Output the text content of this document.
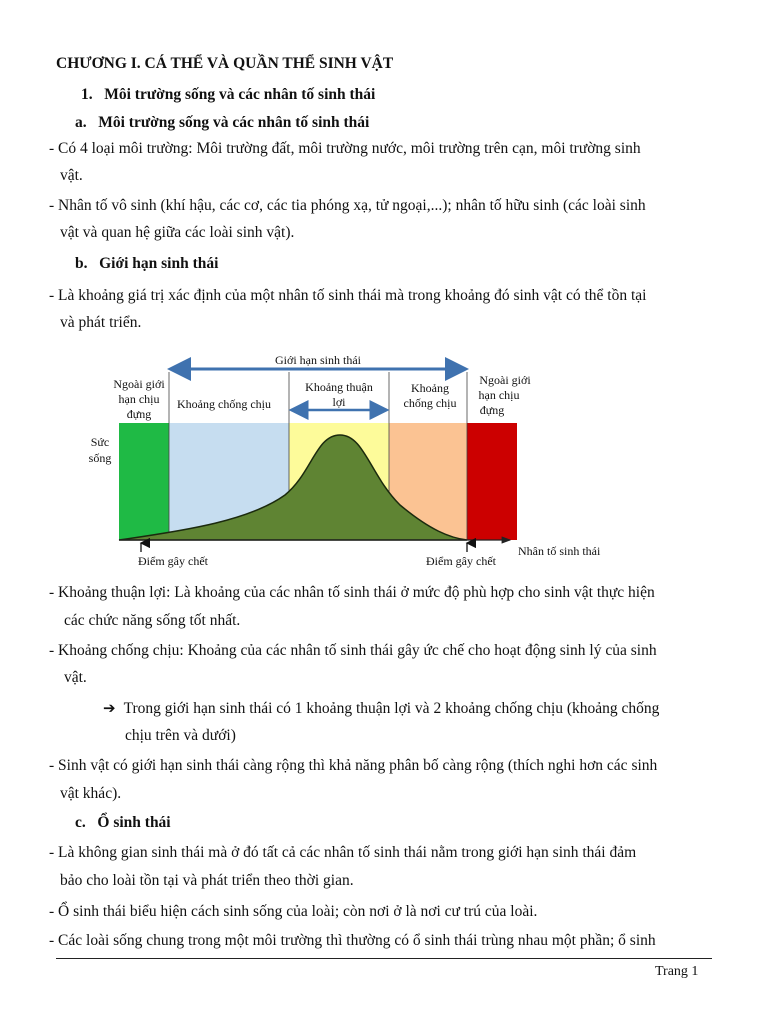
CHƯƠNG I. CÁ THỂ VÀ QUẦN THỂ SINH VẬT
1. Môi trường sống và các nhân tố sinh thái
a. Môi trường sống và các nhân tố sinh thái
- Có 4 loại môi trường: Môi trường đất, môi trường nước, môi trường trên cạn, môi trường sinh
vật.
- Nhân tố vô sinh (khí hậu, các cơ, các tia phóng xạ, tử ngoại,...); nhân tố hữu sinh (các loài sinh
vật và quan hệ giữa các loài sinh vật).
b. Giới hạn sinh thái
- Là khoảng giá trị xác định của một nhân tố sinh thái mà trong khoảng đó sinh vật có thể tồn tại
và phát triển.
Giới hạn sinh thái
Ngoài giới
hạn chịu
đựng
Khoảng chống chịu
Khoảng thuận
lợi
Khoảng
chống chịu
Ngoài giới
hạn chịu
đựng
Sức
sống
Điểm gây chết	Điểm gây chết
Nhân tố sinh thái
- Khoảng thuận lợi: Là khoảng của các nhân tố sinh thái ở mức độ phù hợp cho sinh vật thực hiện
các chức năng sống tốt nhất.
- Khoảng chống chịu: Khoảng của các nhân tố sinh thái gây ức chế cho hoạt động sinh lý của sinh
vật.
➔ Trong giới hạn sinh thái có 1 khoảng thuận lợi và 2 khoảng chống chịu (khoảng chống
chịu trên và dưới)
- Sinh vật có giới hạn sinh thái càng rộng thì khả năng phân bố càng rộng (thích nghi hơn các sinh
vật khác).
c. Ổ sinh thái
- Là không gian sinh thái mà ở đó tất cả các nhân tố sinh thái nằm trong giới hạn sinh thái đảm
bảo cho loài tồn tại và phát triển theo thời gian.
- Ổ sinh thái biểu hiện cách sinh sống của loài; còn nơi ở là nơi cư trú của loài.
- Các loài sống chung trong một môi trường thì thường có ổ sinh thái trùng nhau một phần; ổ sinh
Trang 1
